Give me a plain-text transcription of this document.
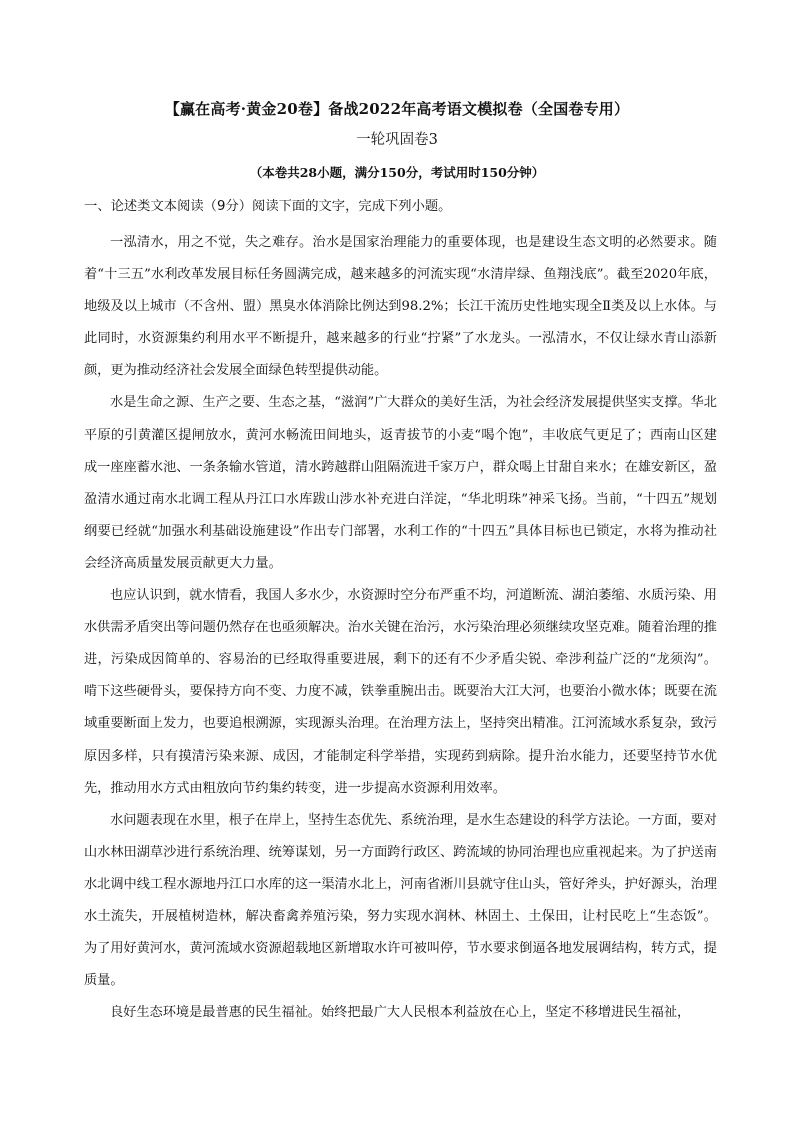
【赢在高考·黄金20卷】备战2022年高考语文模拟卷（全国卷专用）
一轮巩固卷3
（本卷共28小题，满分150分，考试用时150分钟）
一、论述类文本阅读（9分）阅读下面的文字，完成下列小题。

一泓清水，用之不觉，失之难存。治水是国家治理能力的重要体现，也是建设生态文明的必然要求。随着“十三五”水利改革发展目标任务圆满完成，越来越多的河流实现“水清岸绿、鱼翔浅底”。截至2020年底，地级及以上城市（不含州、盟）黑臭水体消除比例达到98.2%；长江干流历史性地实现全Ⅱ类及以上水体。与此同时，水资源集约利用水平不断提升，越来越多的行业“拧紧”了水龙头。一泓清水，不仅让绿水青山添新颜，更为推动经济社会发展全面绿色转型提供动能。

水是生命之源、生产之要、生态之基，“滋润”广大群众的美好生活，为社会经济发展提供坚实支撑。华北平原的引黄灌区提闸放水，黄河水畅流田间地头，返青拔节的小麦“喝个饱”，丰收底气更足了；西南山区建成一座座蓄水池、一条条输水管道，清水跨越群山阻隔流进千家万户，群众喝上甘甜自来水；在雄安新区，盈盈清水通过南水北调工程从丹江口水库跋山涉水补充进白洋淀，“华北明珠”神采飞扬。当前，“十四五”规划纲要已经就“加强水利基础设施建设”作出专门部署，水利工作的“十四五”具体目标也已锁定，水将为推动社会经济高质量发展贡献更大力量。

也应认识到，就水情看，我国人多水少，水资源时空分布严重不均，河道断流、湖泊萎缩、水质污染、用水供需矛盾突出等问题仍然存在也亟须解决。治水关键在治污，水污染治理必须继续攻坚克难。随着治理的推进，污染成因简单的、容易治的已经取得重要进展，剩下的还有不少矛盾尖锐、牵涉利益广泛的“龙须沟”。啃下这些硬骨头，要保持方向不变、力度不减，铁拳重腕出击。既要治大江大河，也要治小微水体；既要在流域重要断面上发力，也要追根溯源，实现源头治理。在治理方法上，坚持突出精准。江河流域水系复杂，致污原因多样，只有摸清污染来源、成因，才能制定科学举措，实现药到病除。提升治水能力，还要坚持节水优先，推动用水方式由粗放向节约集约转变，进一步提高水资源利用效率。

水问题表现在水里，根子在岸上，坚持生态优先、系统治理，是水生态建设的科学方法论。一方面，要对山水林田湖草沙进行系统治理、统筹谋划，另一方面跨行政区、跨流域的协同治理也应重视起来。为了护送南水北调中线工程水源地丹江口水库的这一渠清水北上，河南省淅川县就守住山头，管好斧头，护好源头，治理水土流失，开展植树造林，解决畜禽养殖污染，努力实现水润林、林固土、土保田，让村民吃上“生态饭”。为了用好黄河水，黄河流域水资源超载地区新增取水许可被叫停，节水要求倒逼各地发展调结构，转方式，提质量。

良好生态环境是最普惠的民生福祉。始终把最广大人民根本利益放在心上，坚定不移增进民生福祉，
